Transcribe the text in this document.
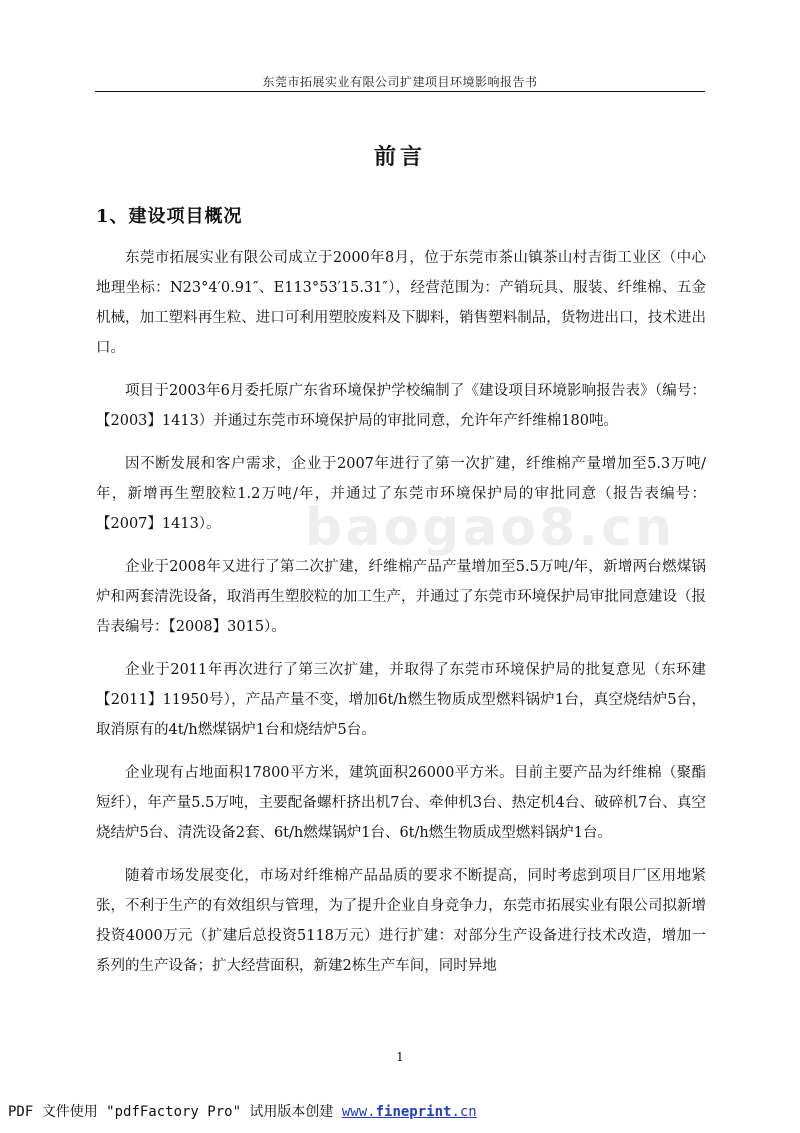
东莞市拓展实业有限公司扩建项目环境影响报告书
前言
1、建设项目概况

东莞市拓展实业有限公司成立于2000年8月，位于东莞市茶山镇茶山村吉街工业区（中心地理坐标：N23°4′0.91″、E113°53′15.31″），经营范围为：产销玩具、服装、纤维棉、五金机械，加工塑料再生粒、进口可利用塑胶废料及下脚料，销售塑料制品，货物进出口，技术进出口。

项目于2003年6月委托原广东省环境保护学校编制了《建设项目环境影响报告表》（编号：【2003】1413）并通过东莞市环境保护局的审批同意，允许年产纤维棉180吨。

因不断发展和客户需求，企业于2007年进行了第一次扩建，纤维棉产量增加至5.3万吨/年，新增再生塑胶粒1.2万吨/年，并通过了东莞市环境保护局的审批同意（报告表编号：【2007】1413）。

企业于2008年又进行了第二次扩建，纤维棉产品产量增加至5.5万吨/年，新增两台燃煤锅炉和两套清洗设备，取消再生塑胶粒的加工生产，并通过了东莞市环境保护局审批同意建设（报告表编号：【2008】3015）。

企业于2011年再次进行了第三次扩建，并取得了东莞市环境保护局的批复意见（东环建【2011】11950号），产品产量不变，增加6t/h燃生物质成型燃料锅炉1台，真空烧结炉5台，取消原有的4t/h燃煤锅炉1台和烧结炉5台。

企业现有占地面积17800平方米，建筑面积26000平方米。目前主要产品为纤维棉（聚酯短纤），年产量5.5万吨，主要配备螺杆挤出机7台、牵伸机3台、热定机4台、破碎机7台、真空烧结炉5台、清洗设备2套、6t/h燃煤锅炉1台、6t/h燃生物质成型燃料锅炉1台。

随着市场发展变化，市场对纤维棉产品品质的要求不断提高，同时考虑到项目厂区用地紧张，不利于生产的有效组织与管理，为了提升企业自身竞争力，东莞市拓展实业有限公司拟新增投资4000万元（扩建后总投资5118万元）进行扩建：对部分生产设备进行技术改造，增加一系列的生产设备；扩大经营面积，新建2栋生产车间，同时异地

baogao8.cn
1
PDF 文件使用 "pdfFactory Pro" 试用版本创建 www.fineprint.cn
